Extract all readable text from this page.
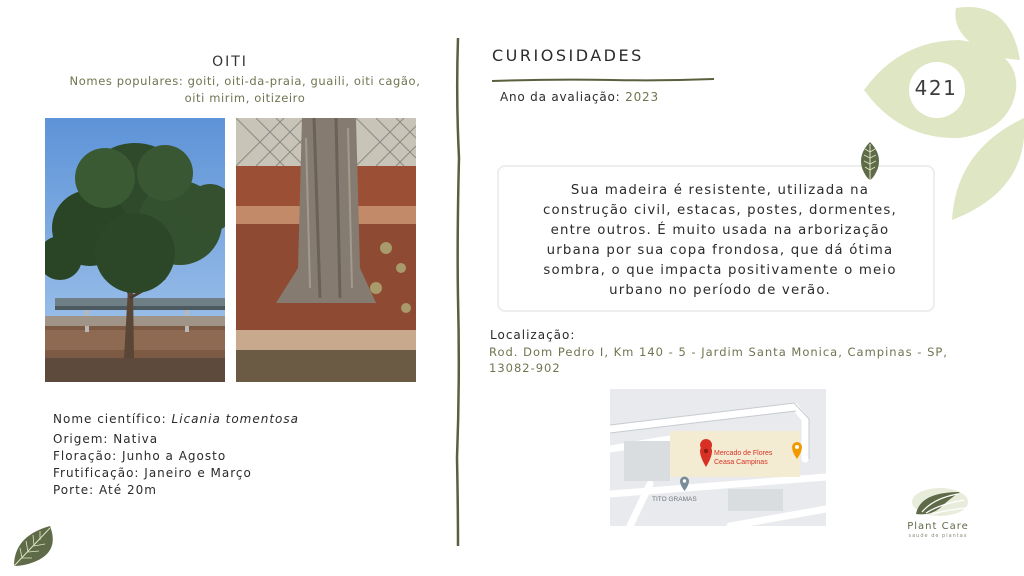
OITI
Nomes populares: goiti, oiti-da-praia, guaili, oiti cagão,
oiti mirim, oitizeiro
Nome científico: Licania tomentosa
Origem: Nativa
Floração: Junho a Agosto
Frutificação: Janeiro e Março
Porte: Até 20m
CURIOSIDADES
Ano da avaliação: 2023
Sua madeira é resistente, utilizada na
construção civil, estacas, postes, dormentes,
entre outros. É muito usada na arborização
urbana por sua copa frondosa, que dá ótima
sombra, o que impacta positivamente o meio
urbano no período de verão.
Localização:
Rod. Dom Pedro I, Km 140 - 5 - Jardim Santa Monica, Campinas - SP,
13082-902
Mercado de Flores
Ceasa Campinas
TITO GRAMAS
421
Plant Care
saude de plantas
